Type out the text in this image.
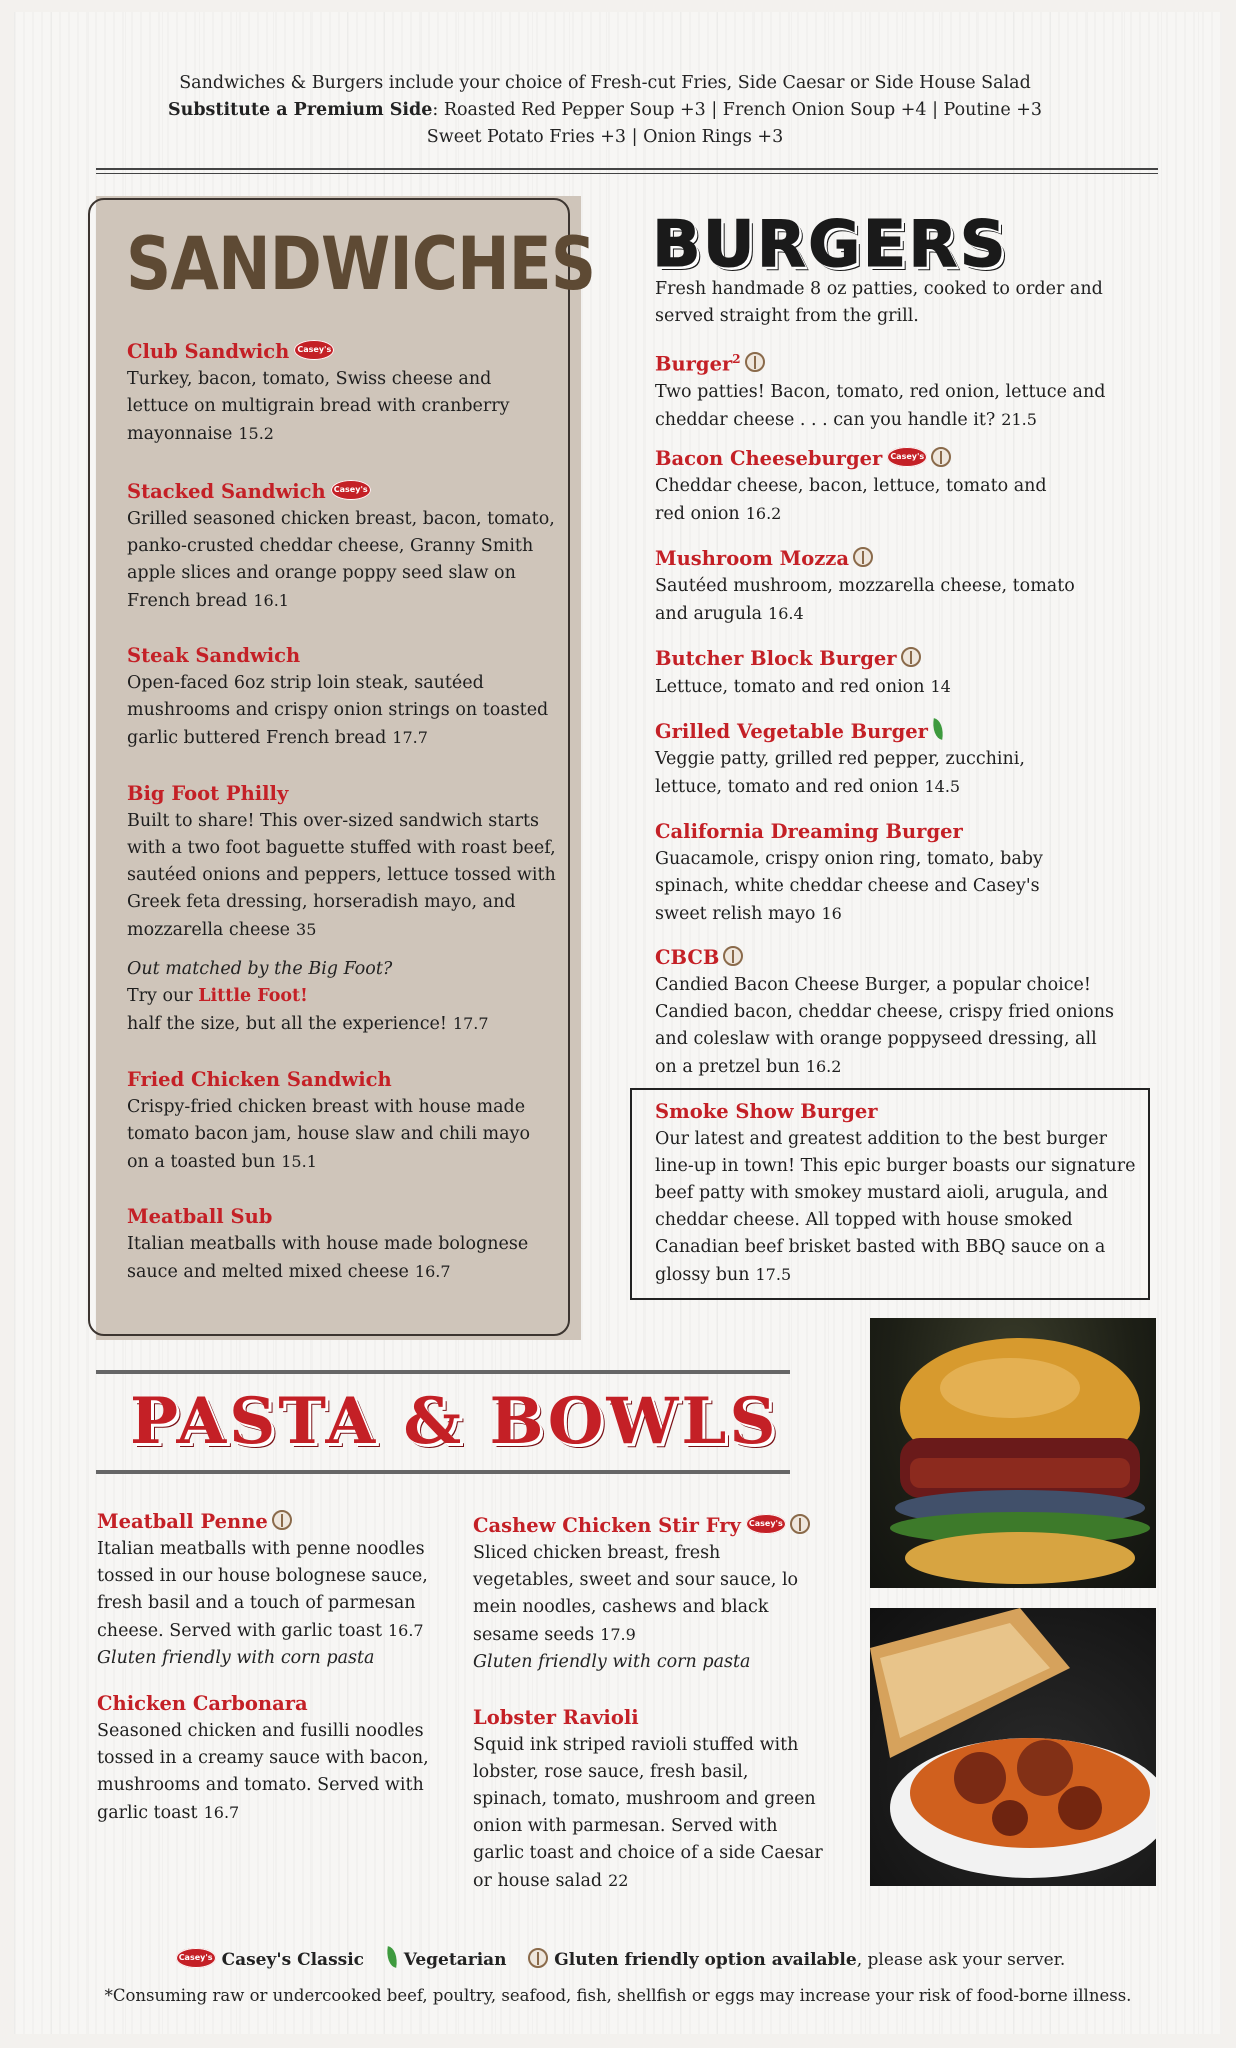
Sandwiches & Burgers include your choice of Fresh-cut Fries, Side Caesar or Side House Salad
Substitute a Premium Side: Roasted Red Pepper Soup +3 | French Onion Soup +4 | Poutine +3
Sweet Potato Fries +3 | Onion Rings +3
SANDWICHES
Club Sandwich Casey's
Turkey, bacon, tomato, Swiss cheese and lettuce on multigrain bread with cranberry mayonnaise 15.2
Stacked Sandwich Casey's
Grilled seasoned chicken breast, bacon, tomato, panko-crusted cheddar cheese, Granny Smith apple slices and orange poppy seed slaw on French bread 16.1
Steak Sandwich
Open-faced 6oz strip loin steak, sautéed mushrooms and crispy onion strings on toasted garlic buttered French bread 17.7
Big Foot Philly
Built to share! This over-sized sandwich starts with a two foot baguette stuffed with roast beef, sautéed onions and peppers, lettuce tossed with Greek feta dressing, horseradish mayo, and mozzarella cheese 35
Out matched by the Big Foot?
Try our Little Foot!
half the size, but all the experience! 17.7
Fried Chicken Sandwich
Crispy-fried chicken breast with house made tomato bacon jam, house slaw and chili mayo on a toasted bun 15.1
Meatball Sub
Italian meatballs with house made bolognese sauce and melted mixed cheese 16.7
BURGERS
Fresh handmade 8 oz patties, cooked to order and served straight from the grill.
Burger$^2$
Two patties! Bacon, tomato, red onion, lettuce and cheddar cheese . . . can you handle it? 21.5
Bacon Cheeseburger Casey's
Cheddar cheese, bacon, lettuce, tomato and red onion 16.2
Mushroom Mozza
Sautéed mushroom, mozzarella cheese, tomato and arugula 16.4
Butcher Block Burger
Lettuce, tomato and red onion 14
Grilled Vegetable Burger
Veggie patty, grilled red pepper, zucchini, lettuce, tomato and red onion 14.5
California Dreaming Burger
Guacamole, crispy onion ring, tomato, baby spinach, white cheddar cheese and Casey's sweet relish mayo 16
CBCB
Candied Bacon Cheese Burger, a popular choice! Candied bacon, cheddar cheese, crispy fried onions and coleslaw with orange poppyseed dressing, all on a pretzel bun 16.2
Smoke Show Burger
Our latest and greatest addition to the best burger line-up in town! This epic burger boasts our signature beef patty with smokey mustard aioli, arugula, and cheddar cheese. All topped with house smoked Canadian beef brisket basted with BBQ sauce on a glossy bun 17.5
PASTA & BOWLS
Meatball Penne
Italian meatballs with penne noodles tossed in our house bolognese sauce, fresh basil and a touch of parmesan cheese. Served with garlic toast 16.7
Gluten friendly with corn pasta
Chicken Carbonara
Seasoned chicken and fusilli noodles tossed in a creamy sauce with bacon, mushrooms and tomato. Served with garlic toast 16.7
Cashew Chicken Stir Fry Casey's
Sliced chicken breast, fresh vegetables, sweet and sour sauce, lo mein noodles, cashews and black sesame seeds 17.9
Gluten friendly with corn pasta
Lobster Ravioli
Squid ink striped ravioli stuffed with lobster, rose sauce, fresh basil, spinach, tomato, mushroom and green onion with parmesan. Served with garlic toast and choice of a side Caesar or house salad 22
Casey's Casey's Classic Vegetarian	Gluten friendly option available, please ask your server.
*Consuming raw or undercooked beef, poultry, seafood, fish, shellfish or eggs may increase your risk of food-borne illness.
